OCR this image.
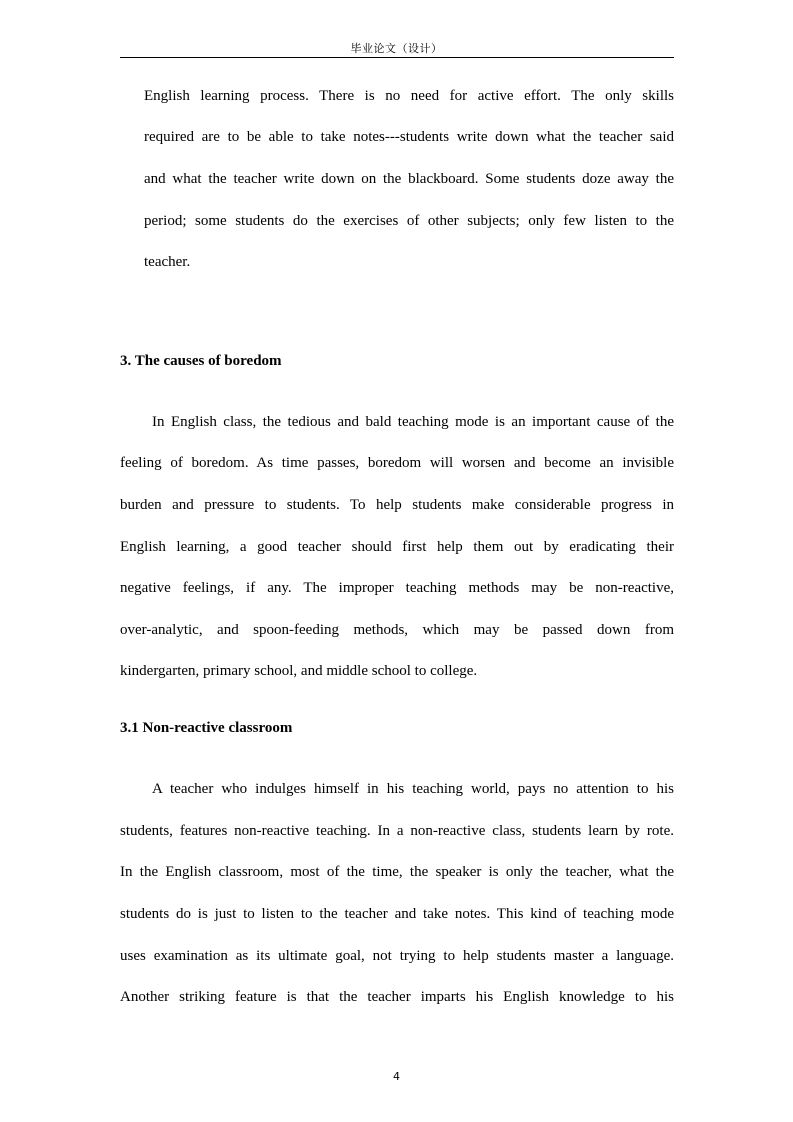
毕业论文（设计）
English learning process. There is no need for active effort. The only skills
required are to be able to take notes---students write down what the teacher said
and what the teacher write down on the blackboard. Some students doze away the
period; some students do the exercises of other subjects; only few listen to the
teacher.
3. The causes of boredom
In English class, the tedious and bald teaching mode is an important cause of the
feeling of boredom. As time passes, boredom will worsen and become an invisible
burden and pressure to students. To help students make considerable progress in
English learning, a good teacher should first help them out by eradicating their
negative feelings, if any. The improper teaching methods may be non-reactive,
over-analytic, and spoon-feeding methods, which may be passed down from
kindergarten, primary school, and middle school to college.
3.1 Non-reactive classroom
A teacher who indulges himself in his teaching world, pays no attention to his
students, features non-reactive teaching. In a non-reactive class, students learn by rote.
In the English classroom, most of the time, the speaker is only the teacher, what the
students do is just to listen to the teacher and take notes. This kind of teaching mode
uses examination as its ultimate goal, not trying to help students master a language.
Another striking feature is that the teacher imparts his English knowledge to his
4
